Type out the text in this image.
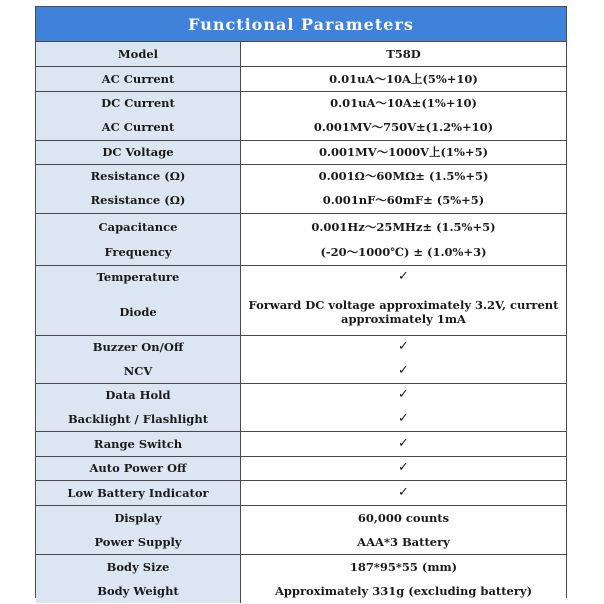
Functional Parameters
Model	T58D
AC Current	0.01uA～10A上(5%+10)
DC Current	0.01uA～10A±(1%+10)
AC Current	0.001MV～750V±(1.2%+10)
DC Voltage	0.001MV～1000V上(1%+5)
Resistance (Ω)	0.001Ω～60MΩ± (1.5%+5)
Resistance (Ω)	0.001nF～60mF± (5%+5)
Capacitance	0.001Hz～25MHz± (1.5%+5)
Frequency	(-20～1000℃) ± (1.0%+3)
Temperature	✓
Diode	Forward DC voltage approximately 3.2V, current approximately 1mA
Buzzer On/Off	✓
NCV	✓
Data Hold	✓
Backlight / Flashlight	✓
Range Switch	✓
Auto Power Off	✓
Low Battery Indicator	✓
Display	60,000 counts
Power Supply	AAA*3 Battery
Body Size	187*95*55 (mm)
Body Weight	Approximately 331g (excluding battery)
